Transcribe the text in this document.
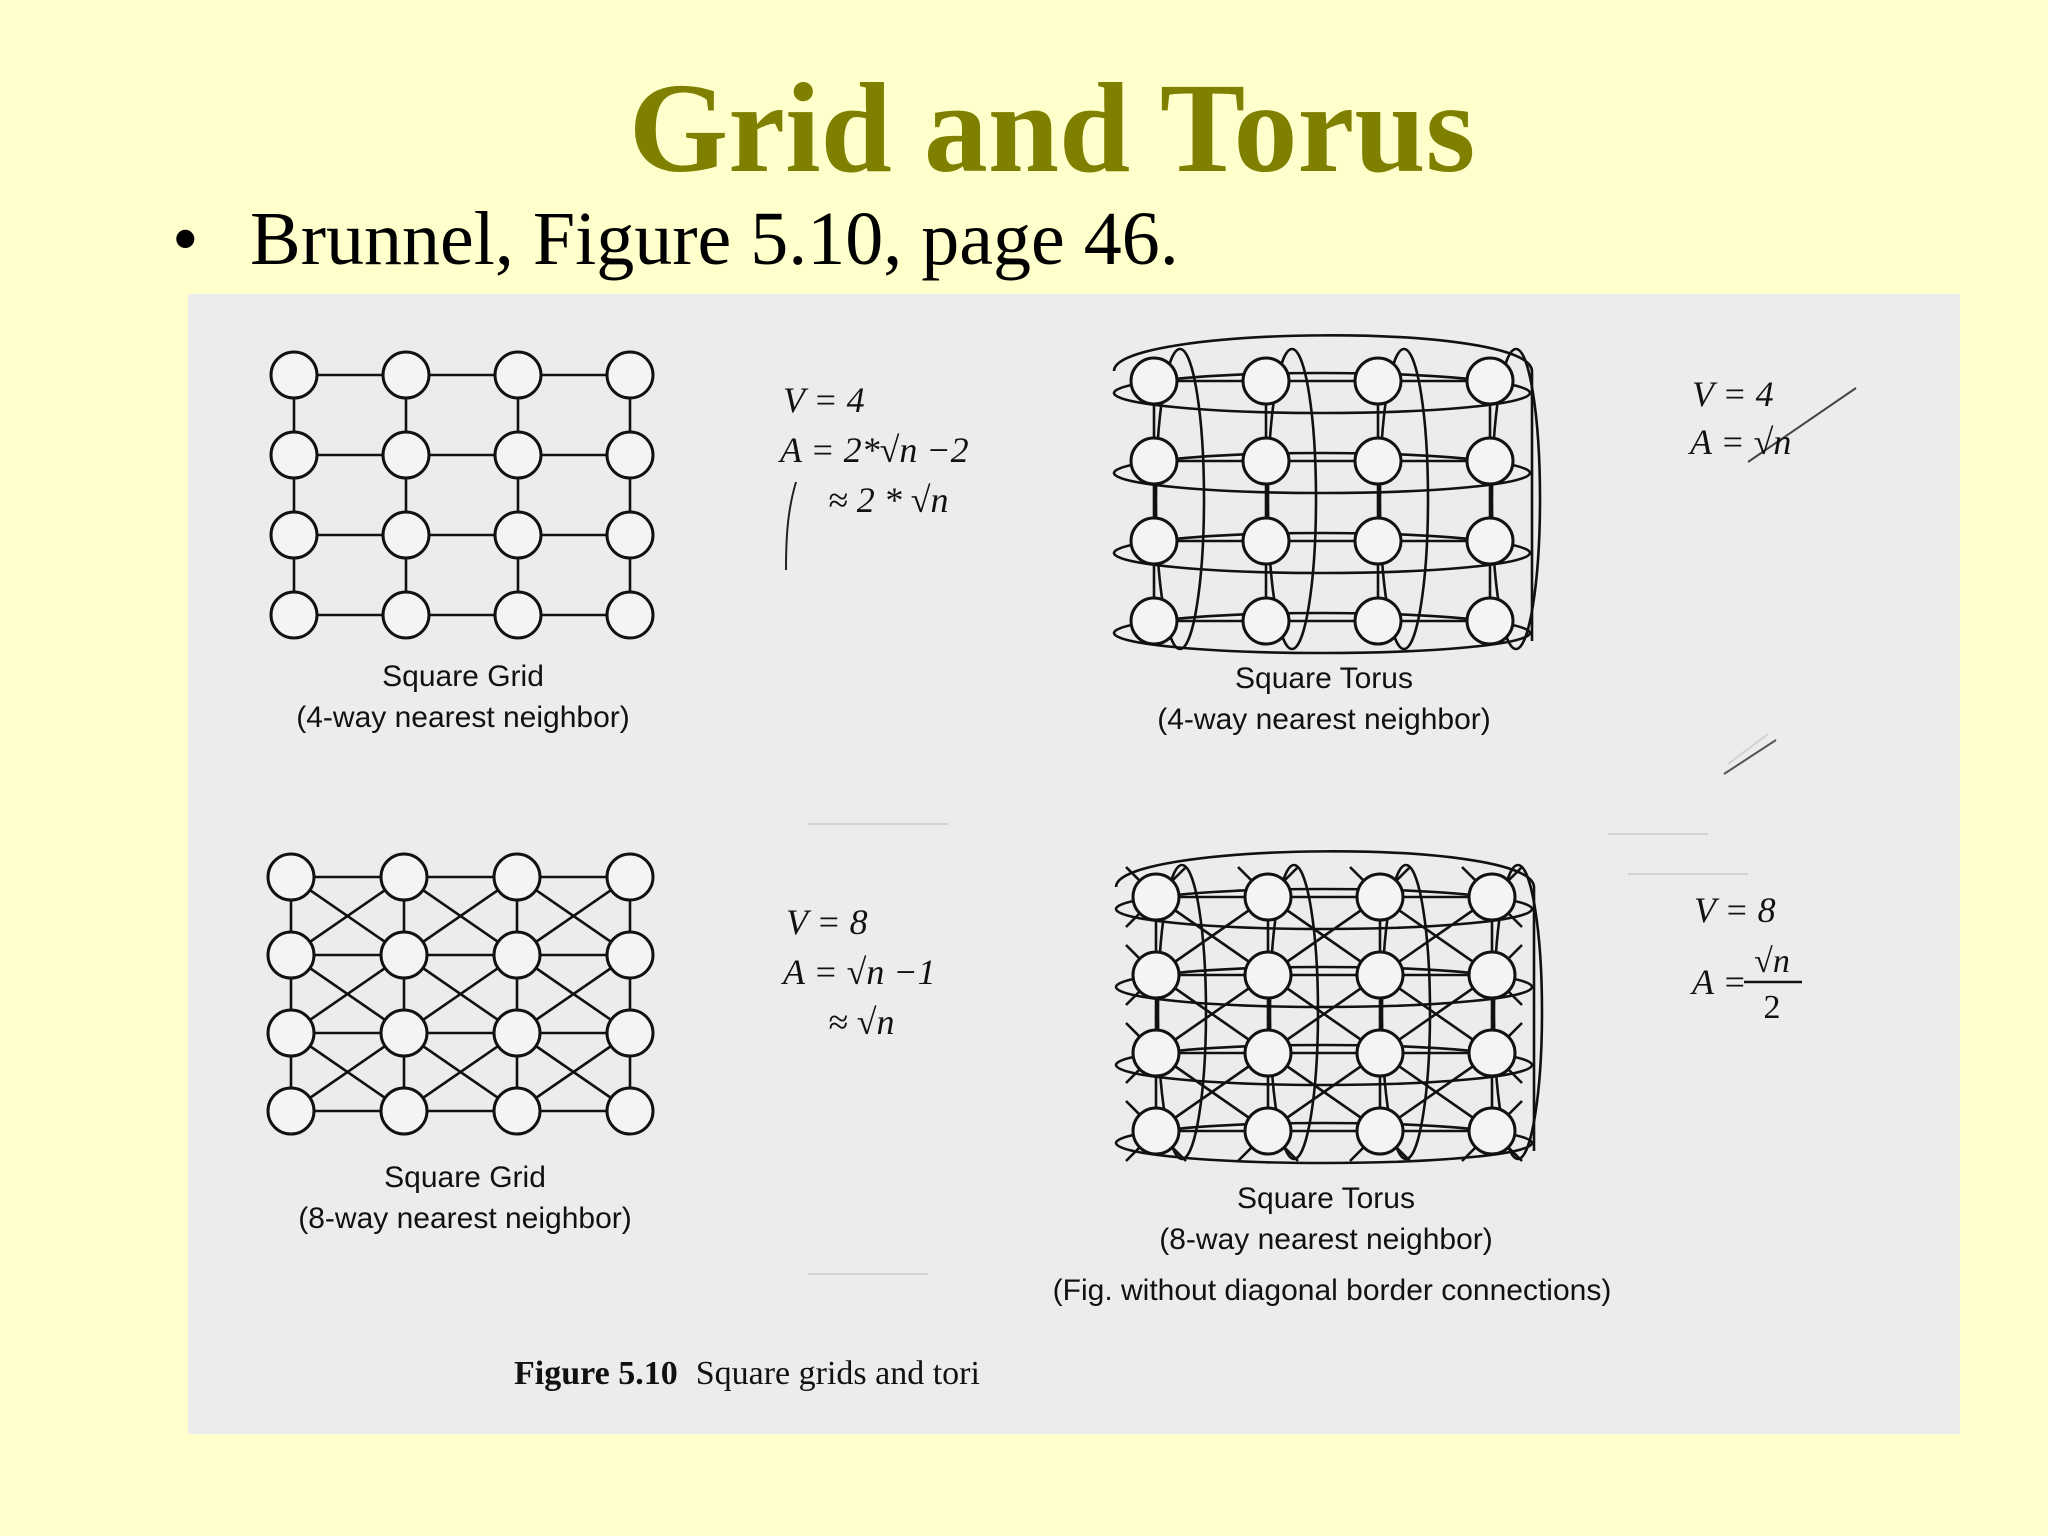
Grid and Torus
• Brunnel, Figure 5.10, page 46.
Square Grid
(4-way nearest neighbor)
V = 4
A = 2*√n −2
≈ 2 * √n
Square Torus
(4-way nearest neighbor)
V = 4
A = √n
Square Grid
(8-way nearest neighbor)
V = 8
A = √n −1
≈ √n
Square Torus
(8-way nearest neighbor)
(Fig. without diagonal border connections)
V = 8
A =
√n
2
Figure 5.10 Square grids and tori
